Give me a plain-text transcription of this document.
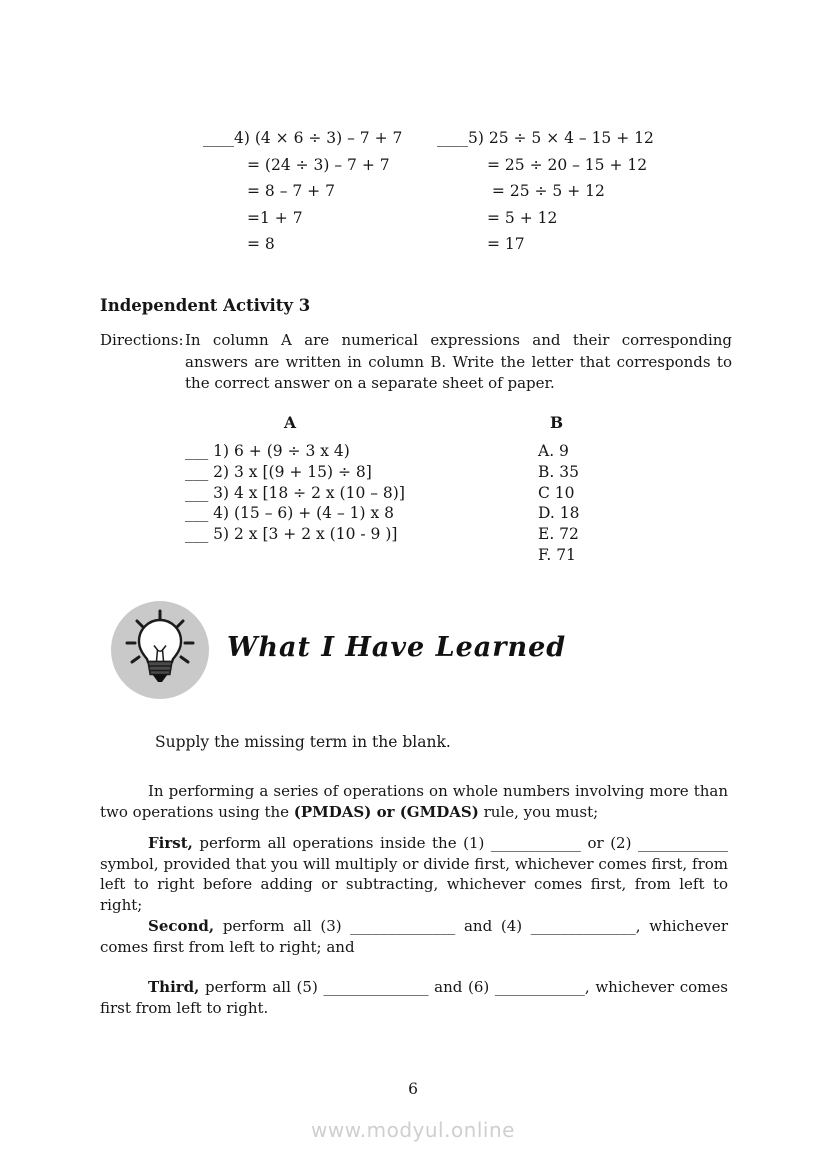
____4) (4 × 6 ÷ 3) – 7 + 7
= (24 ÷ 3) – 7 + 7
= 8 – 7 + 7
=1 + 7
= 8
____5) 25 ÷ 5 × 4 – 15 + 12
= 25 ÷ 20 – 15 + 12
= 25 ÷ 5 + 12
= 5 + 12
= 17
Independent Activity 3
Directions: In column A are numerical expressions and their corresponding answers are written in column B. Write the letter that corresponds to the correct answer on a separate sheet of paper.
A	B
___ 1) 6 + (9 ÷ 3 x 4)
___ 2) 3 x [(9 + 15) ÷ 8]
___ 3) 4 x [18 ÷ 2 x (10 – 8)]
___ 4) (15 – 6) + (4 – 1) x 8
___ 5) 2 x [3 + 2 x (10 - 9 )]
A. 9
B. 35
C 10
D. 18
E. 72
F. 71
What I Have Learned
Supply the missing term in the blank.

In performing a series of operations on whole numbers involving more than two operations using the (PMDAS) or (GMDAS) rule, you must;

First, perform all operations inside the (1) ____________ or (2) ____________ symbol, provided that you will multiply or divide first, whichever comes first, from left to right before adding or subtracting, whichever comes first, from left to right;

Second, perform all (3) ______________ and (4) ______________, whichever comes first from left to right; and

Third, perform all (5) ______________ and (6) ____________, whichever comes first from left to right.

6
www.modyul.online
